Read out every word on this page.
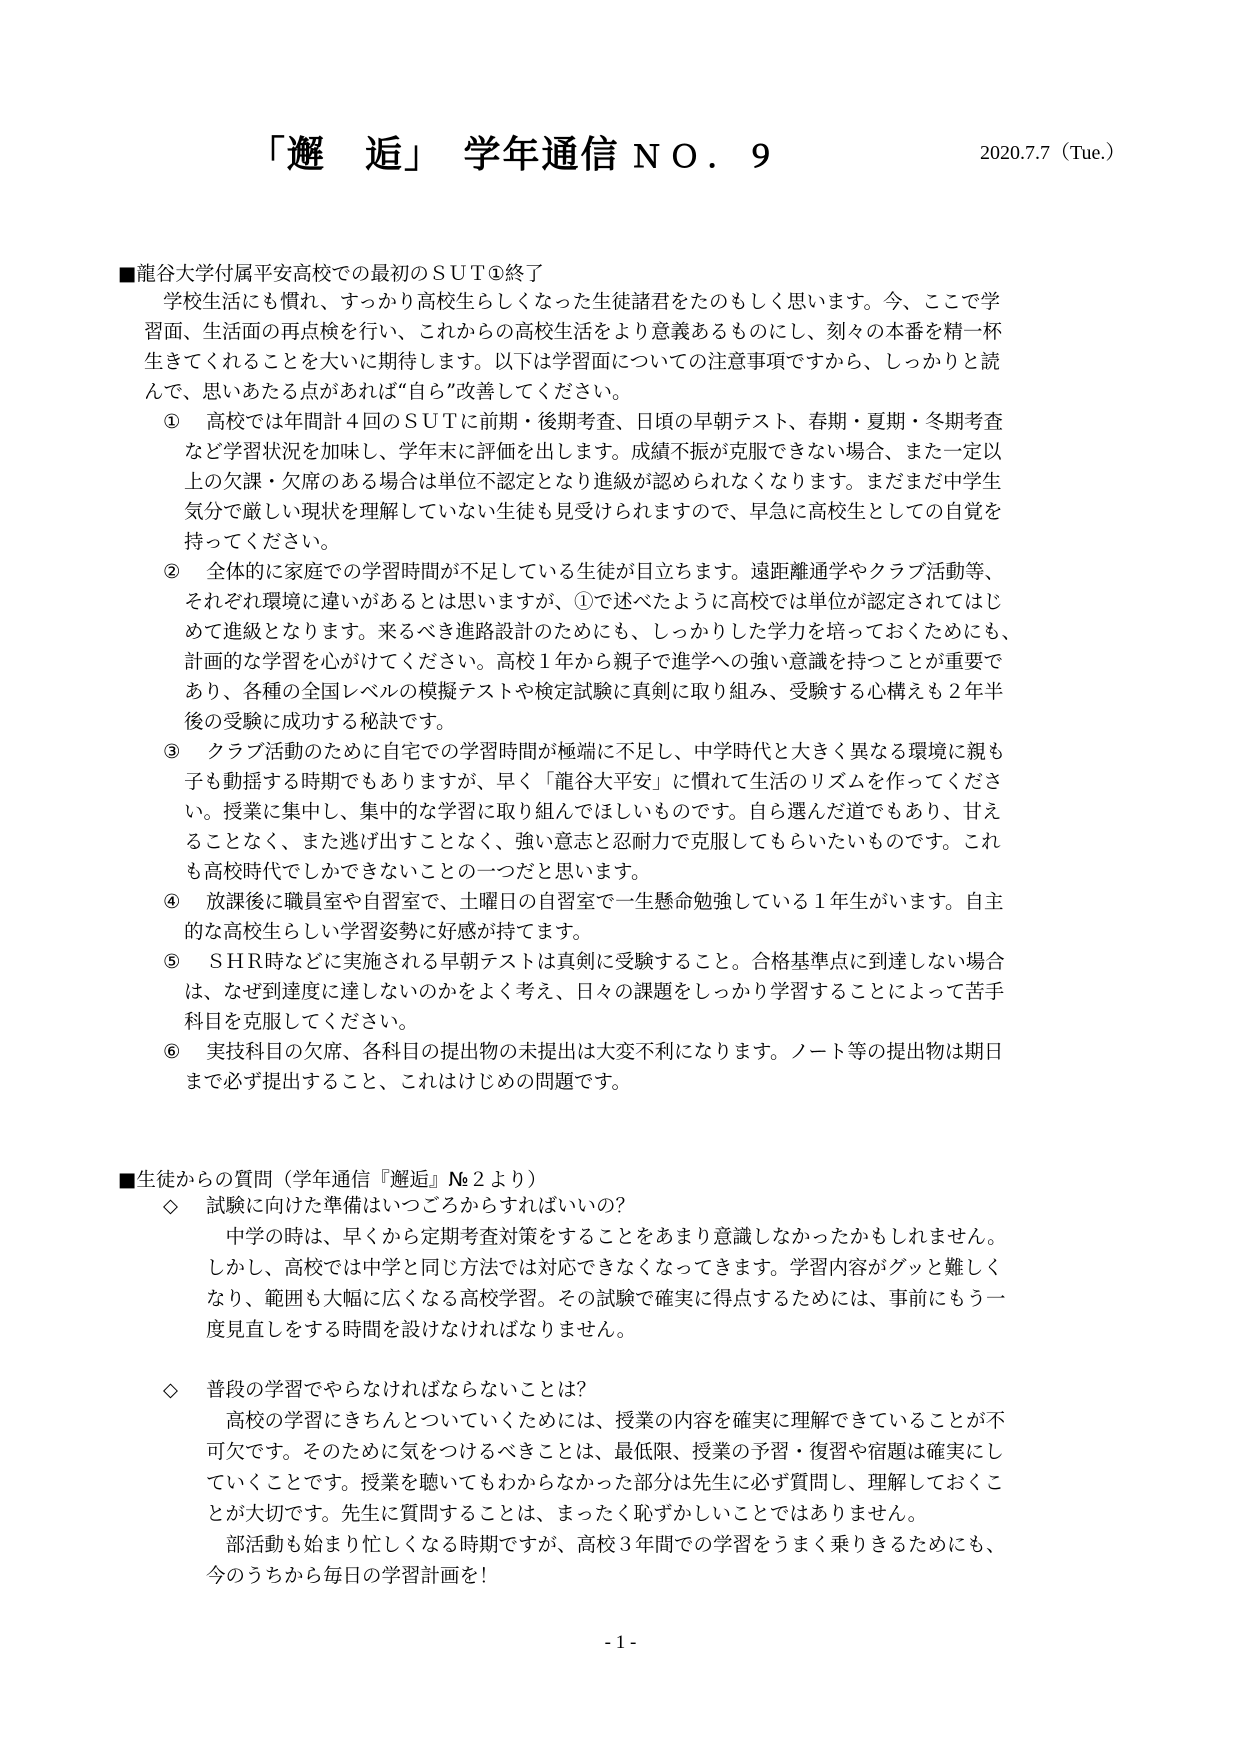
「邂　逅」　学年通信 ＮＯ．９	2020.7.7（Tue.）
■龍谷大学付属平安高校での最初のＳＵＴ①終了
学校生活にも慣れ、すっかり高校生らしくなった生徒諸君をたのもしく思います。今、ここで学
習面、生活面の再点検を行い、これからの高校生活をより意義あるものにし、刻々の本番を精一杯
生きてくれることを大いに期待します。以下は学習面についての注意事項ですから、しっかりと読
んで、思いあたる点があれば“自ら”改善してください。
① 高校では年間計４回のＳＵＴに前期・後期考査、日頃の早朝テスト、春期・夏期・冬期考査
など学習状況を加味し、学年末に評価を出します。成績不振が克服できない場合、また一定以
上の欠課・欠席のある場合は単位不認定となり進級が認められなくなります。まだまだ中学生
気分で厳しい現状を理解していない生徒も見受けられますので、早急に高校生としての自覚を
持ってください。
② 全体的に家庭での学習時間が不足している生徒が目立ちます。遠距離通学やクラブ活動等、
それぞれ環境に違いがあるとは思いますが、①で述べたように高校では単位が認定されてはじ
めて進級となります。来るべき進路設計のためにも、しっかりした学力を培っておくためにも、
計画的な学習を心がけてください。高校１年から親子で進学への強い意識を持つことが重要で
あり、各種の全国レベルの模擬テストや検定試験に真剣に取り組み、受験する心構えも２年半
後の受験に成功する秘訣です。
③ クラブ活動のために自宅での学習時間が極端に不足し、中学時代と大きく異なる環境に親も
子も動揺する時期でもありますが、早く「龍谷大平安」に慣れて生活のリズムを作ってくださ
い。授業に集中し、集中的な学習に取り組んでほしいものです。自ら選んだ道でもあり、甘え
ることなく、また逃げ出すことなく、強い意志と忍耐力で克服してもらいたいものです。これ
も高校時代でしかできないことの一つだと思います。
④ 放課後に職員室や自習室で、土曜日の自習室で一生懸命勉強している１年生がいます。自主
的な高校生らしい学習姿勢に好感が持てます。
⑤ ＳＨＲ時などに実施される早朝テストは真剣に受験すること。合格基準点に到達しない場合
は、なぜ到達度に達しないのかをよく考え、日々の課題をしっかり学習することによって苦手
科目を克服してください。
⑥ 実技科目の欠席、各科目の提出物の未提出は大変不利になります。ノート等の提出物は期日
まで必ず提出すること、これはけじめの問題です。
■生徒からの質問（学年通信『邂逅』№２より）
◇ 試験に向けた準備はいつごろからすればいいの？
　中学の時は、早くから定期考査対策をすることをあまり意識しなかったかもしれません。
しかし、高校では中学と同じ方法では対応できなくなってきます。学習内容がグッと難しく
なり、範囲も大幅に広くなる高校学習。その試験で確実に得点するためには、事前にもう一
度見直しをする時間を設けなければなりません。
◇ 普段の学習でやらなければならないことは？
　高校の学習にきちんとついていくためには、授業の内容を確実に理解できていることが不
可欠です。そのために気をつけるべきことは、最低限、授業の予習・復習や宿題は確実にし
ていくことです。授業を聴いてもわからなかった部分は先生に必ず質問し、理解しておくこ
とが大切です。先生に質問することは、まったく恥ずかしいことではありません。
　部活動も始まり忙しくなる時期ですが、高校３年間での学習をうまく乗りきるためにも、
今のうちから毎日の学習計画を！
- 1 -
